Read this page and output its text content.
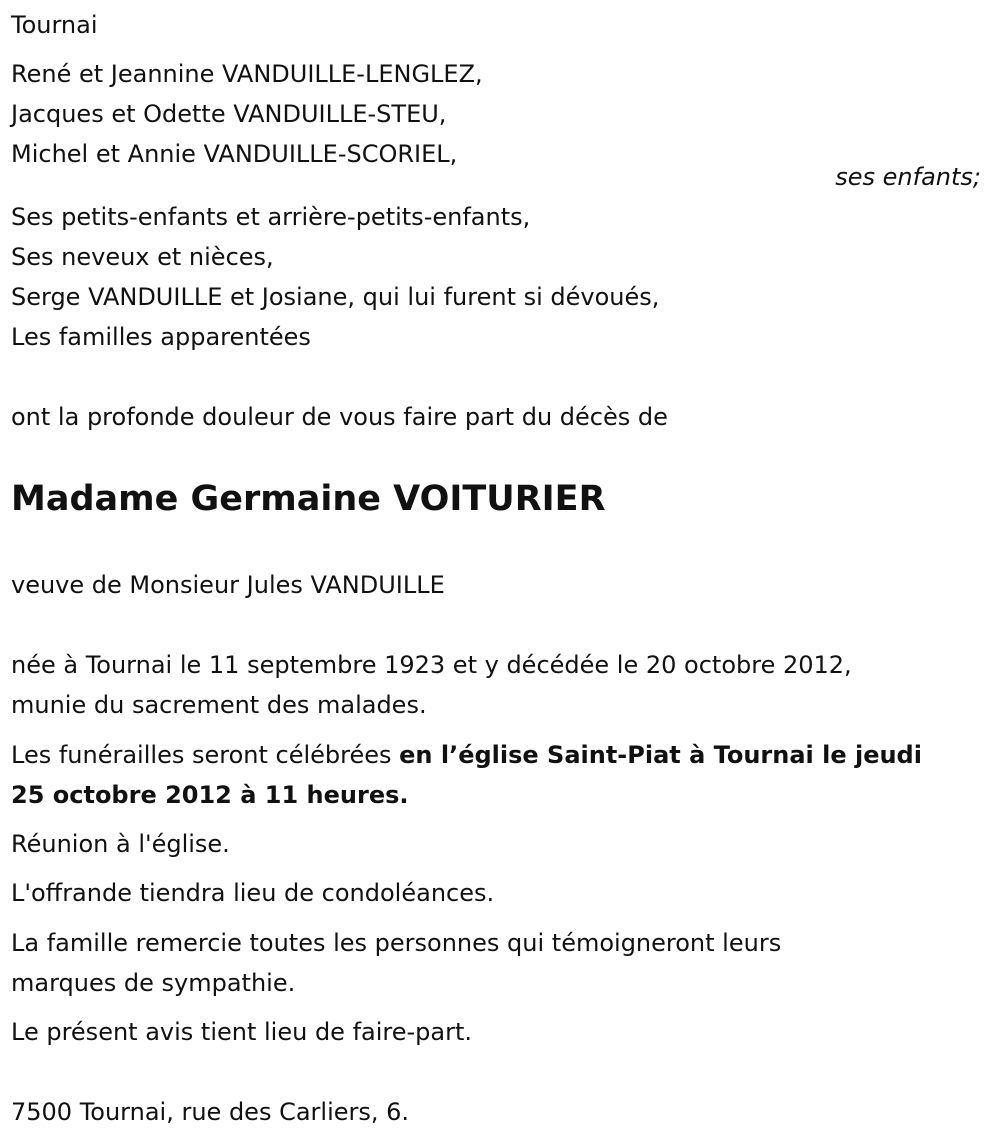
Tournai
René et Jeannine VANDUILLE-LENGLEZ,
Jacques et Odette VANDUILLE-STEU,
Michel et Annie VANDUILLE-SCORIEL,
ses enfants;
Ses petits-enfants et arrière-petits-enfants,
Ses neveux et nièces,
Serge VANDUILLE et Josiane, qui lui furent si dévoués,
Les familles apparentées
ont la profonde douleur de vous faire part du décès de
Madame Germaine VOITURIER
veuve de Monsieur Jules VANDUILLE
née à Tournai le 11 septembre 1923 et y décédée le 20 octobre 2012,
munie du sacrement des malades.
Les funérailles seront célébrées en l’église Saint-Piat à Tournai le jeudi
25 octobre 2012 à 11 heures.
Réunion à l'église.
L'offrande tiendra lieu de condoléances.
La famille remercie toutes les personnes qui témoigneront leurs
marques de sympathie.
Le présent avis tient lieu de faire-part.
7500 Tournai, rue des Carliers, 6.
